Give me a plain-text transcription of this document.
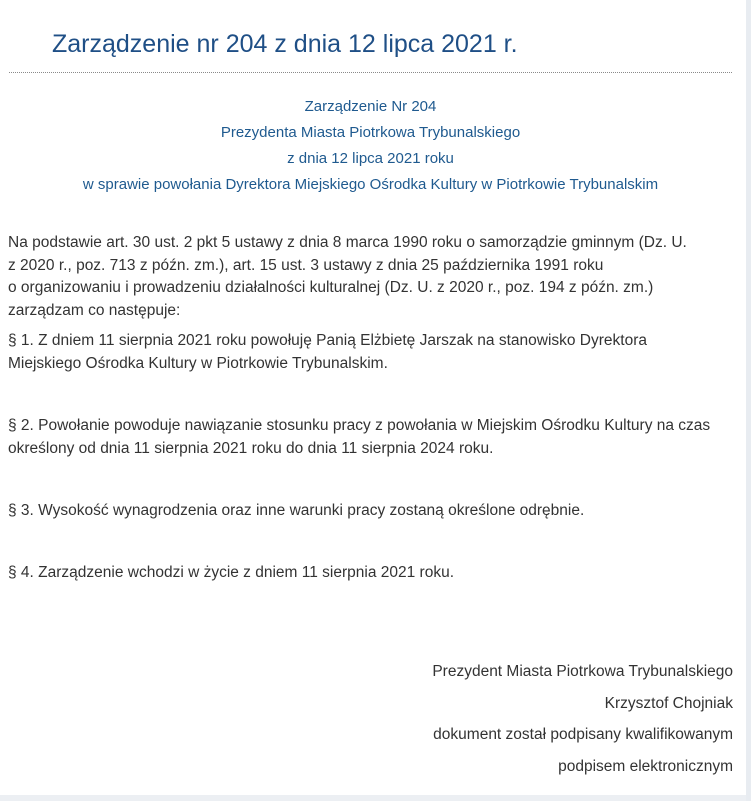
Zarządzenie nr 204 z dnia 12 lipca 2021 r.
Zarządzenie Nr 204
Prezydenta Miasta Piotrkowa Trybunalskiego
z dnia 12 lipca 2021 roku
w sprawie powołania Dyrektora Miejskiego Ośrodka Kultury w Piotrkowie Trybunalskim
Na podstawie art. 30 ust. 2 pkt 5 ustawy z dnia 8 marca 1990 roku o samorządzie gminnym (Dz. U.
z 2020 r., poz. 713 z późn. zm.), art. 15 ust. 3 ustawy z dnia 25 października 1991 roku
o organizowaniu i prowadzeniu działalności kulturalnej (Dz. U. z 2020 r., poz. 194 z późn. zm.)
zarządzam co następuje:
§ 1. Z dniem 11 sierpnia 2021 roku powołuję Panią Elżbietę Jarszak na stanowisko Dyrektora
Miejskiego Ośrodka Kultury w Piotrkowie Trybunalskim.
§ 2. Powołanie powoduje nawiązanie stosunku pracy z powołania w Miejskim Ośrodku Kultury na czas
określony od dnia 11 sierpnia 2021 roku do dnia 11 sierpnia 2024 roku.
§ 3. Wysokość wynagrodzenia oraz inne warunki pracy zostaną określone odrębnie.
§ 4. Zarządzenie wchodzi w życie z dniem 11 sierpnia 2021 roku.
Prezydent Miasta Piotrkowa Trybunalskiego
Krzysztof Chojniak
dokument został podpisany kwalifikowanym
podpisem elektronicznym
